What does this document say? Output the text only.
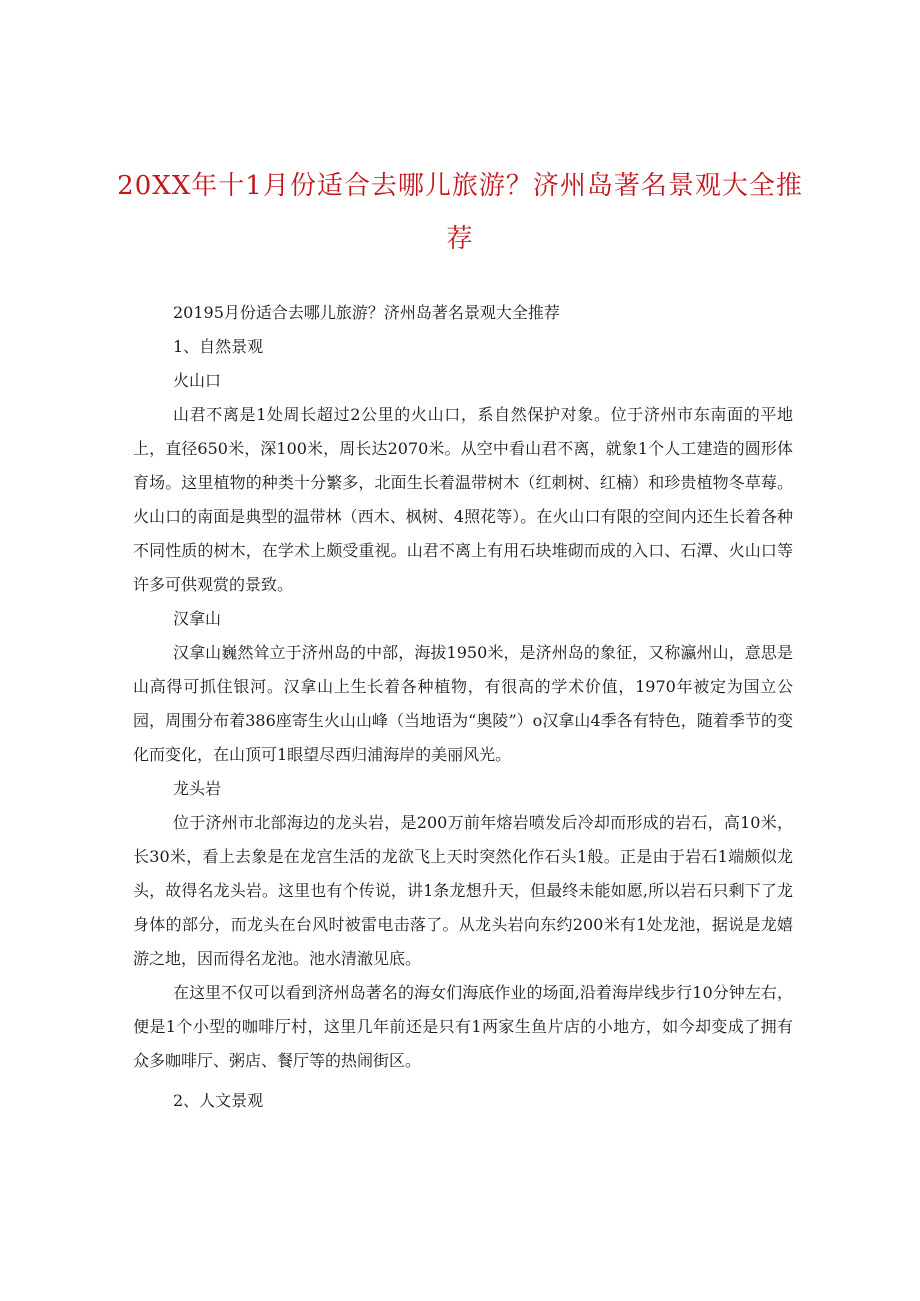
20XX年十1月份适合去哪儿旅游？济州岛著名景观大全推荐

20195月份适合去哪儿旅游？济州岛著名景观大全推荐

1、自然景观

火山口

山君不离是1处周长超过2公里的火山口，系自然保护对象。位于济州市东南面的平地上，直径650米，深100米，周长达2070米。从空中看山君不离，就象1个人工建造的圆形体育场。这里植物的种类十分繁多，北面生长着温带树木（红刺树、红楠）和珍贵植物冬草莓。火山口的南面是典型的温带林（西木、枫树、4照花等）。在火山口有限的空间内还生长着各种不同性质的树木，在学术上颇受重视。山君不离上有用石块堆砌而成的入口、石潭、火山口等许多可供观赏的景致。

汉拿山

汉拿山巍然耸立于济州岛的中部，海拔1950米，是济州岛的象征，又称瀛州山，意思是山高得可抓住银河。汉拿山上生长着各种植物，有很高的学术价值，1970年被定为国立公园，周围分布着386座寄生火山山峰（当地语为“奥陵”）o汉拿山4季各有特色，随着季节的变化而变化，在山顶可1眼望尽西归浦海岸的美丽风光。

龙头岩

位于济州市北部海边的龙头岩，是200万前年熔岩喷发后冷却而形成的岩石，高10米，长30米，看上去象是在龙宫生活的龙欲飞上天时突然化作石头1般。正是由于岩石1端颇似龙头，故得名龙头岩。这里也有个传说，讲1条龙想升天，但最终未能如愿,所以岩石只剩下了龙身体的部分，而龙头在台风时被雷电击落了。从龙头岩向东约200米有1处龙池，据说是龙嬉游之地，因而得名龙池。池水清澈见底。

在这里不仅可以看到济州岛著名的海女们海底作业的场面,沿着海岸线步行10分钟左右，便是1个小型的咖啡厅村，这里几年前还是只有1两家生鱼片店的小地方，如今却变成了拥有众多咖啡厅、粥店、餐厅等的热闹街区。

2、人文景观
